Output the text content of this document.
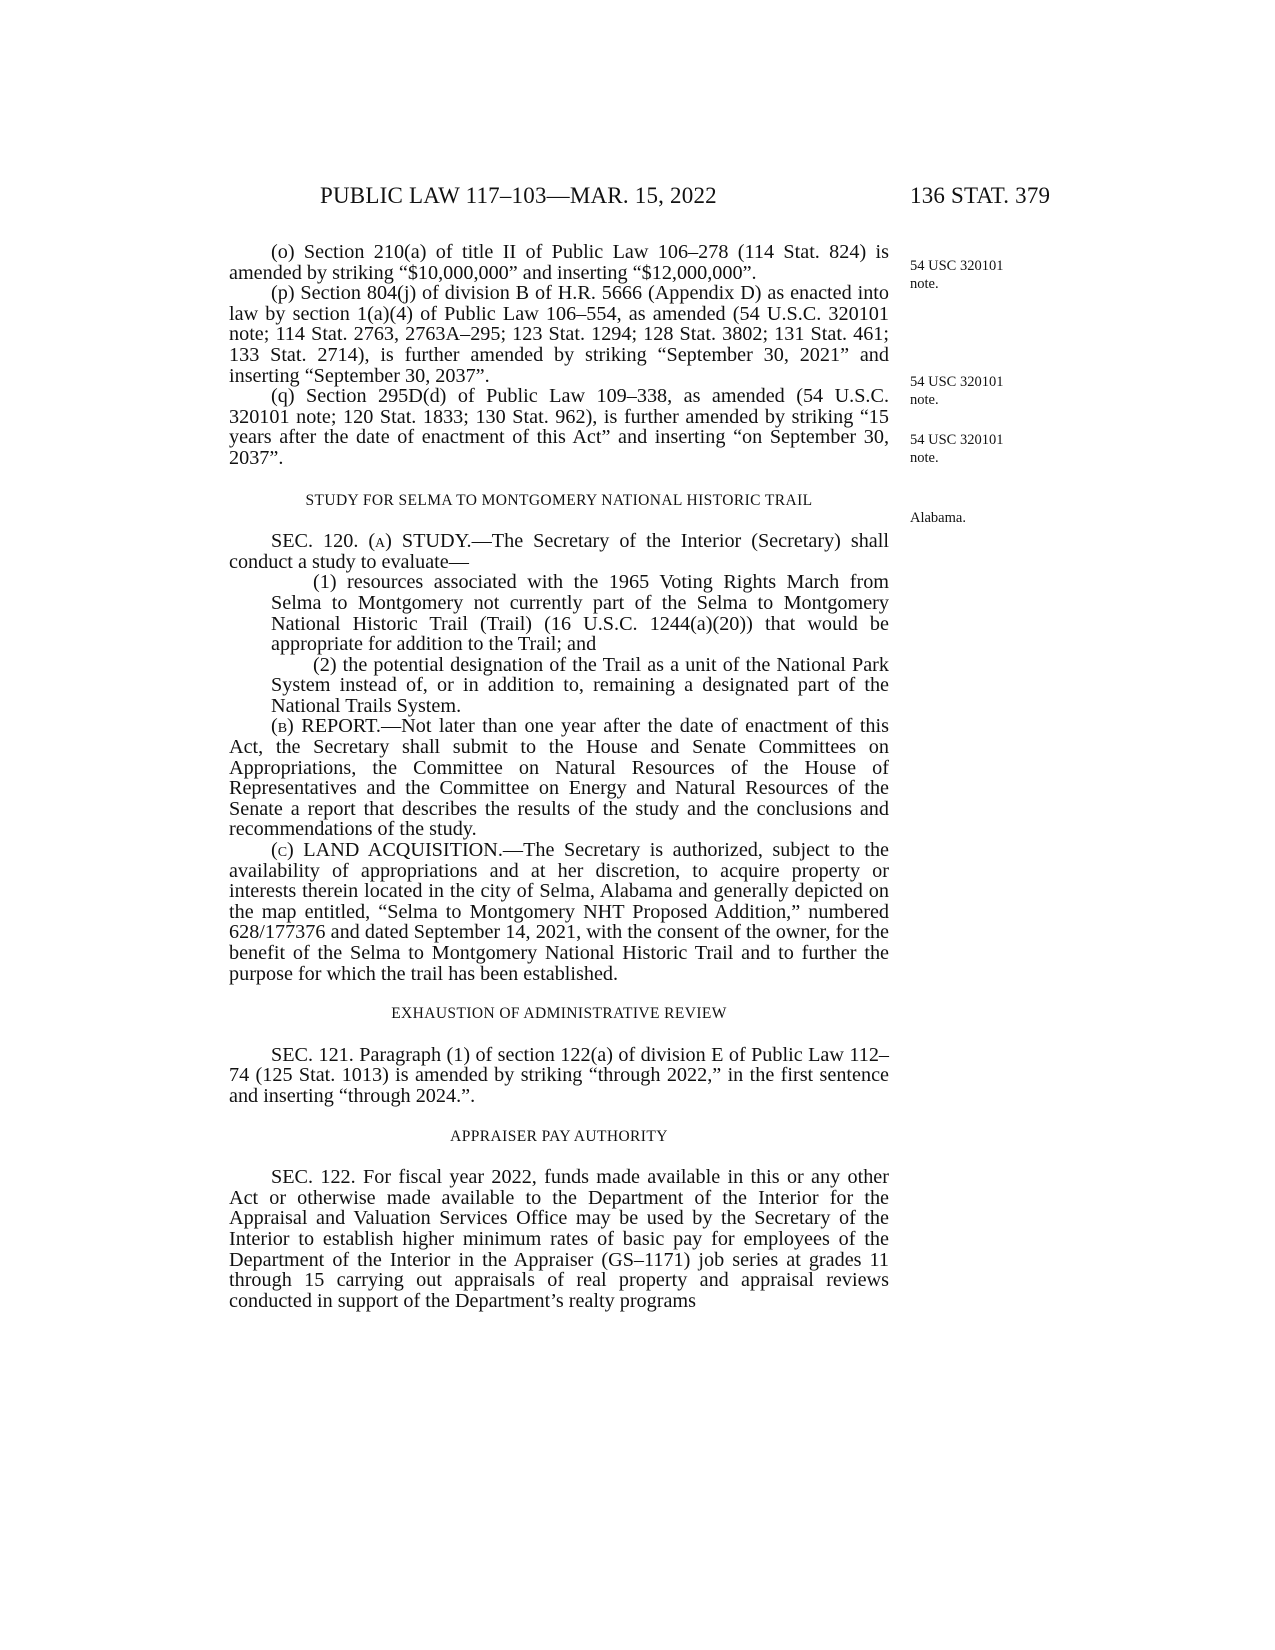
PUBLIC LAW 117–103—MAR. 15, 2022	136 STAT. 379
54 USC 320101
note.
54 USC 320101
note.
54 USC 320101
note.
Alabama.

(o) Section 210(a) of title II of Public Law 106–278 (114 Stat. 824) is amended by striking “$10,000,000” and inserting “$12,000,000”.

(p) Section 804(j) of division B of H.R. 5666 (Appendix D) as enacted into law by section 1(a)(4) of Public Law 106–554, as amended (54 U.S.C. 320101 note; 114 Stat. 2763, 2763A–295; 123 Stat. 1294; 128 Stat. 3802; 131 Stat. 461; 133 Stat. 2714), is further amended by striking “September 30, 2021” and inserting “September 30, 2037”.

(q) Section 295D(d) of Public Law 109–338, as amended (54 U.S.C. 320101 note; 120 Stat. 1833; 130 Stat. 962), is further amended by striking “15 years after the date of enactment of this Act” and inserting “on September 30, 2037”.

STUDY FOR SELMA TO MONTGOMERY NATIONAL HISTORIC TRAIL

SEC. 120. (a) STUDY.—The Secretary of the Interior (Secretary) shall conduct a study to evaluate—

(1) resources associated with the 1965 Voting Rights March from Selma to Montgomery not currently part of the Selma to Montgomery National Historic Trail (Trail) (16 U.S.C. 1244(a)(20)) that would be appropriate for addition to the Trail; and

(2) the potential designation of the Trail as a unit of the National Park System instead of, or in addition to, remaining a designated part of the National Trails System.

(b) REPORT.—Not later than one year after the date of enactment of this Act, the Secretary shall submit to the House and Senate Committees on Appropriations, the Committee on Natural Resources of the House of Representatives and the Committee on Energy and Natural Resources of the Senate a report that describes the results of the study and the conclusions and recommendations of the study.

(c) LAND ACQUISITION.—The Secretary is authorized, subject to the availability of appropriations and at her discretion, to acquire property or interests therein located in the city of Selma, Alabama and generally depicted on the map entitled, “Selma to Montgomery NHT Proposed Addition,” numbered 628/177376 and dated September 14, 2021, with the consent of the owner, for the benefit of the Selma to Montgomery National Historic Trail and to further the purpose for which the trail has been established.

EXHAUSTION OF ADMINISTRATIVE REVIEW

SEC. 121. Paragraph (1) of section 122(a) of division E of Public Law 112–74 (125 Stat. 1013) is amended by striking “through 2022,” in the first sentence and inserting “through 2024.”.

APPRAISER PAY AUTHORITY

SEC. 122. For fiscal year 2022, funds made available in this or any other Act or otherwise made available to the Department of the Interior for the Appraisal and Valuation Services Office may be used by the Secretary of the Interior to establish higher minimum rates of basic pay for employees of the Department of the Interior in the Appraiser (GS–1171) job series at grades 11 through 15 carrying out appraisals of real property and appraisal reviews conducted in support of the Department’s realty programs
